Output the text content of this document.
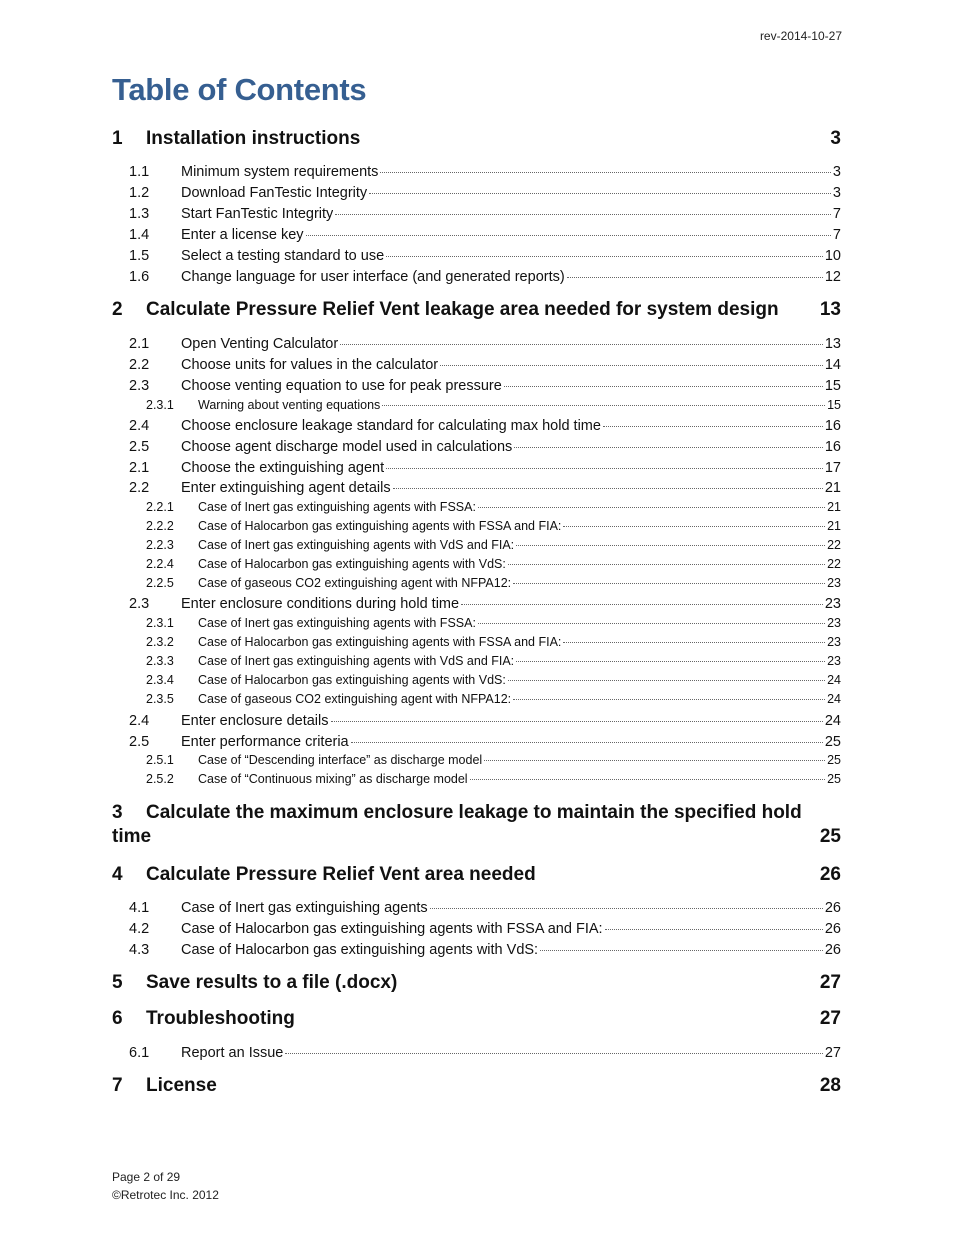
rev-2014-10-27
Table of Contents
1	Installation instructions	3
1.1	Minimum system requirements	3
1.2	Download FanTestic Integrity	3
1.3	Start FanTestic Integrity	7
1.4	Enter a license key	7
1.5	Select a testing standard to use	10
1.6	Change language for user interface (and generated reports)	12
2	Calculate Pressure Relief Vent leakage area needed for system design 13
2.1	Open Venting Calculator	13
2.2	Choose units for values in the calculator	14
2.3	Choose venting equation to use for peak pressure	15
2.3.1	Warning about venting equations	15
2.4	Choose enclosure leakage standard for calculating max hold time	16
2.5	Choose agent discharge model used in calculations	16
2.1	Choose the extinguishing agent	17
2.2	Enter extinguishing agent details	21
2.2.1	Case of Inert gas extinguishing agents with FSSA:	21
2.2.2	Case of Halocarbon gas extinguishing agents with FSSA and FIA:	21
2.2.3	Case of Inert gas extinguishing agents with VdS and FIA:	22
2.2.4	Case of Halocarbon gas extinguishing agents with VdS:	22
2.2.5	Case of gaseous CO2 extinguishing agent with NFPA12:	23
2.3	Enter enclosure conditions during hold time	23
2.3.1	Case of Inert gas extinguishing agents with FSSA:	23
2.3.2	Case of Halocarbon gas extinguishing agents with FSSA and FIA:	23
2.3.3	Case of Inert gas extinguishing agents with VdS and FIA:	23
2.3.4	Case of Halocarbon gas extinguishing agents with VdS:	24
2.3.5	Case of gaseous CO2 extinguishing agent with NFPA12:	24
2.4	Enter enclosure details	24
2.5	Enter performance criteria	25
2.5.1	Case of “Descending interface” as discharge model	25
2.5.2	Case of “Continuous mixing” as discharge model	25
3	Calculate the maximum enclosure leakage to maintain the specified hold
time	25
4	Calculate Pressure Relief Vent area needed	26
4.1	Case of Inert gas extinguishing agents	26
4.2	Case of Halocarbon gas extinguishing agents with FSSA and FIA:	26
4.3	Case of Halocarbon gas extinguishing agents with VdS:	26
5	Save results to a file (.docx)	27
6	Troubleshooting	27
6.1	Report an Issue	27
7	License	28
Page 2 of 29
©Retrotec Inc. 2012
